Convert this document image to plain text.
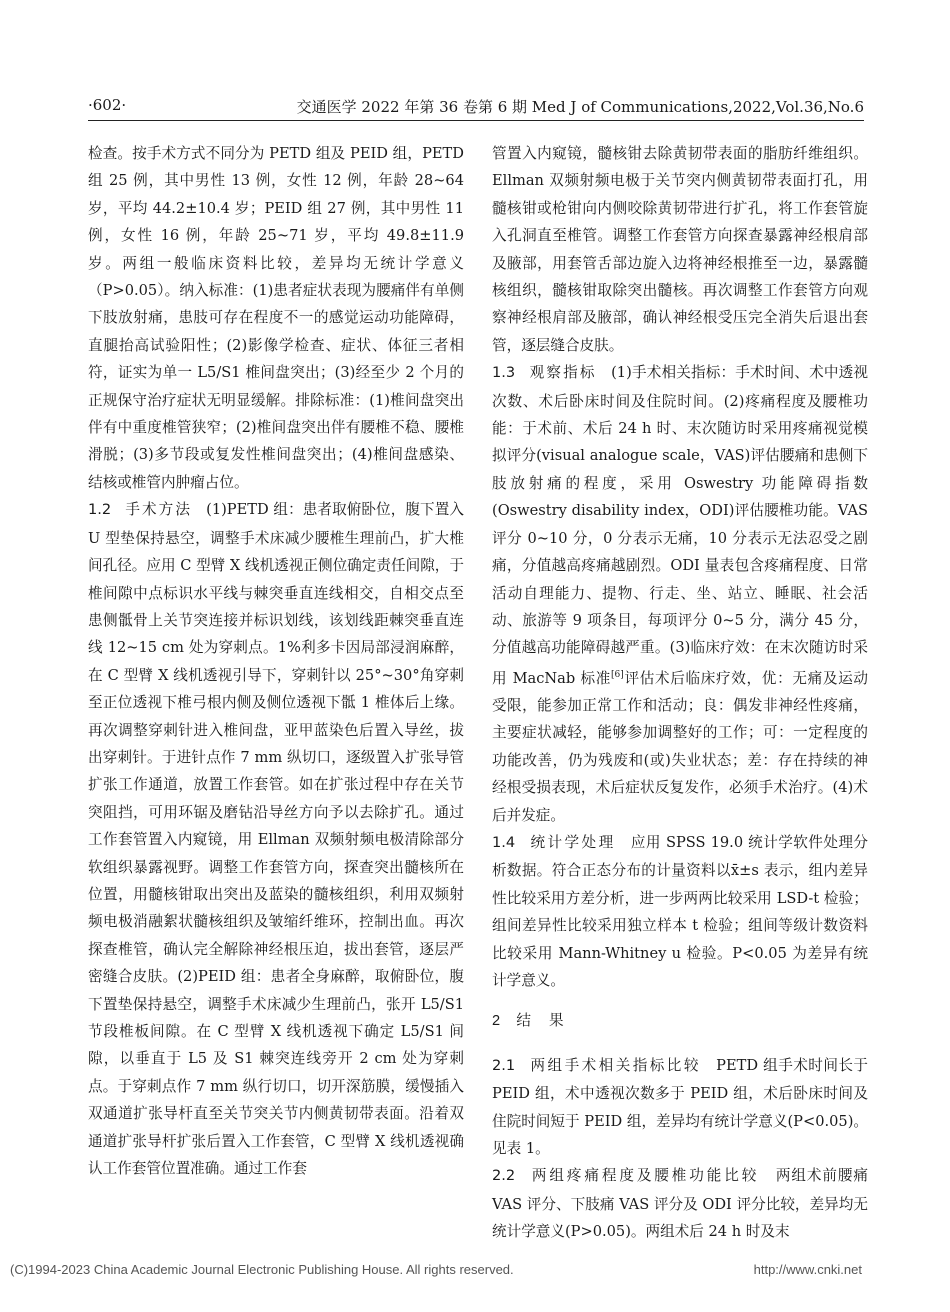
·602·	交通医学 2022 年第 36 卷第 6 期 Med J of Communications,2022,Vol.36,No.6

检查。按手术方式不同分为 PETD 组及 PEID 组，PETD 组 25 例，其中男性 13 例，女性 12 例，年龄 28~64 岁，平均 44.2±10.4 岁；PEID 组 27 例，其中男性 11 例，女性 16 例，年龄 25~71 岁，平均 49.8±11.9 岁。两组一般临床资料比较，差异均无统计学意义（P>0.05）。纳入标准：(1)患者症状表现为腰痛伴有单侧下肢放射痛，患肢可存在程度不一的感觉运动功能障碍，直腿抬高试验阳性；(2)影像学检查、症状、体征三者相符，证实为单一 L5/S1 椎间盘突出；(3)经至少 2 个月的正规保守治疗症状无明显缓解。排除标准：(1)椎间盘突出伴有中重度椎管狭窄；(2)椎间盘突出伴有腰椎不稳、腰椎滑脱；(3)多节段或复发性椎间盘突出；(4)椎间盘感染、结核或椎管内肿瘤占位。

1.2 手术方法 (1)PETD 组：患者取俯卧位，腹下置入 U 型垫保持悬空，调整手术床减少腰椎生理前凸，扩大椎间孔径。应用 C 型臂 X 线机透视正侧位确定责任间隙，于椎间隙中点标识水平线与棘突垂直连线相交，自相交点至患侧骶骨上关节突连接并标识划线，该划线距棘突垂直连线 12~15 cm 处为穿刺点。1%利多卡因局部浸润麻醉，在 C 型臂 X 线机透视引导下，穿刺针以 25°~30°角穿刺至正位透视下椎弓根内侧及侧位透视下骶 1 椎体后上缘。再次调整穿刺针进入椎间盘，亚甲蓝染色后置入导丝，拔出穿刺针。于进针点作 7 mm 纵切口，逐级置入扩张导管扩张工作通道，放置工作套管。如在扩张过程中存在关节突阻挡，可用环锯及磨钻沿导丝方向予以去除扩孔。通过工作套管置入内窥镜，用 Ellman 双频射频电极清除部分软组织暴露视野。调整工作套管方向，探查突出髓核所在位置，用髓核钳取出突出及蓝染的髓核组织，利用双频射频电极消融絮状髓核组织及皱缩纤维环，控制出血。再次探查椎管，确认完全解除神经根压迫，拔出套管，逐层严密缝合皮肤。(2)PEID 组：患者全身麻醉，取俯卧位，腹下置垫保持悬空，调整手术床减少生理前凸，张开 L5/S1 节段椎板间隙。在 C 型臂 X 线机透视下确定 L5/S1 间隙，以垂直于 L5 及 S1 棘突连线旁开 2 cm 处为穿刺点。于穿刺点作 7 mm 纵行切口，切开深筋膜，缓慢插入双通道扩张导杆直至关节突关节内侧黄韧带表面。沿着双通道扩张导杆扩张后置入工作套管，C 型臂 X 线机透视确认工作套管位置准确。通过工作套

管置入内窥镜，髓核钳去除黄韧带表面的脂肪纤维组织。Ellman 双频射频电极于关节突内侧黄韧带表面打孔，用髓核钳或枪钳向内侧咬除黄韧带进行扩孔，将工作套管旋入孔洞直至椎管。调整工作套管方向探查暴露神经根肩部及腋部，用套管舌部边旋入边将神经根推至一边，暴露髓核组织，髓核钳取除突出髓核。再次调整工作套管方向观察神经根肩部及腋部，确认神经根受压完全消失后退出套管，逐层缝合皮肤。

1.3 观察指标 (1)手术相关指标：手术时间、术中透视次数、术后卧床时间及住院时间。(2)疼痛程度及腰椎功能：于术前、术后 24 h 时、末次随访时采用疼痛视觉模拟评分(visual analogue scale，VAS)评估腰痛和患侧下肢放射痛的程度，采用 Oswestry 功能障碍指数(Oswestry disability index，ODI)评估腰椎功能。VAS 评分 0~10 分，0 分表示无痛，10 分表示无法忍受之剧痛，分值越高疼痛越剧烈。ODI 量表包含疼痛程度、日常活动自理能力、提物、行走、坐、站立、睡眠、社会活动、旅游等 9 项条目，每项评分 0~5 分，满分 45 分，分值越高功能障碍越严重。(3)临床疗效：在末次随访时采用 MacNab 标准[6]评估术后临床疗效，优：无痛及运动受限，能参加正常工作和活动；良：偶发非神经性疼痛，主要症状减轻，能够参加调整好的工作；可：一定程度的功能改善，仍为残废和(或)失业状态；差：存在持续的神经根受损表现，术后症状反复发作，必须手术治疗。(4)术后并发症。

1.4 统计学处理 应用 SPSS 19.0 统计学软件处理分析数据。符合正态分布的计量资料以x̄±s 表示，组内差异性比较采用方差分析，进一步两两比较采用 LSD-t 检验；组间差异性比较采用独立样本 t 检验；组间等级计数资料比较采用 Mann-Whitney u 检验。P<0.05 为差异有统计学意义。

2 结果

2.1 两组手术相关指标比较 PETD 组手术时间长于 PEID 组，术中透视次数多于 PEID 组，术后卧床时间及住院时间短于 PEID 组，差异均有统计学意义(P<0.05)。见表 1。

2.2 两组疼痛程度及腰椎功能比较 两组术前腰痛 VAS 评分、下肢痛 VAS 评分及 ODI 评分比较，差异均无统计学意义(P>0.05)。两组术后 24 h 时及末

(C)1994-2023 China Academic Journal Electronic Publishing House. All rights reserved.	http://www.cnki.net
